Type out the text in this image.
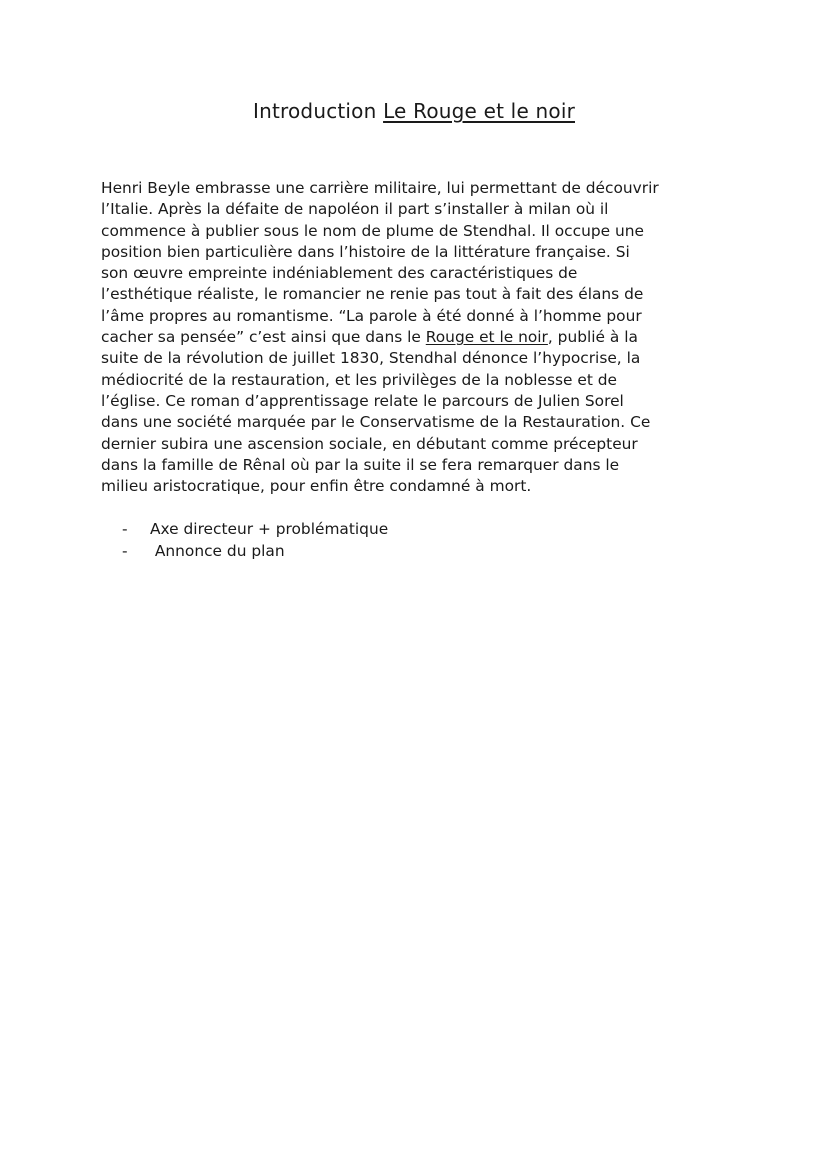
Introduction Le Rouge et le noir

Henri Beyle embrasse une carrière militaire, lui permettant de découvrir
l’Italie. Après la défaite de napoléon il part s’installer à milan où il
commence à publier sous le nom de plume de Stendhal. Il occupe une
position bien particulière dans l’histoire de la littérature française. Si
son œuvre empreinte indéniablement des caractéristiques de
l’esthétique réaliste, le romancier ne renie pas tout à fait des élans de
l’âme propres au romantisme. “La parole à été donné à l’homme pour
cacher sa pensée” c’est ainsi que dans le Rouge et le noir, publié à la
suite de la révolution de juillet 1830, Stendhal dénonce l’hypocrise, la
médiocrité de la restauration, et les privilèges de la noblesse et de
l’église. Ce roman d’apprentissage relate le parcours de Julien Sorel
dans une société marquée par le Conservatisme de la Restauration. Ce
dernier subira une ascension sociale, en débutant comme précepteur
dans la famille de Rênal où par la suite il se fera remarquer dans le
milieu aristocratique, pour enfin être condamné à mort.

-	Axe directeur + problématique
-	Annonce du plan
